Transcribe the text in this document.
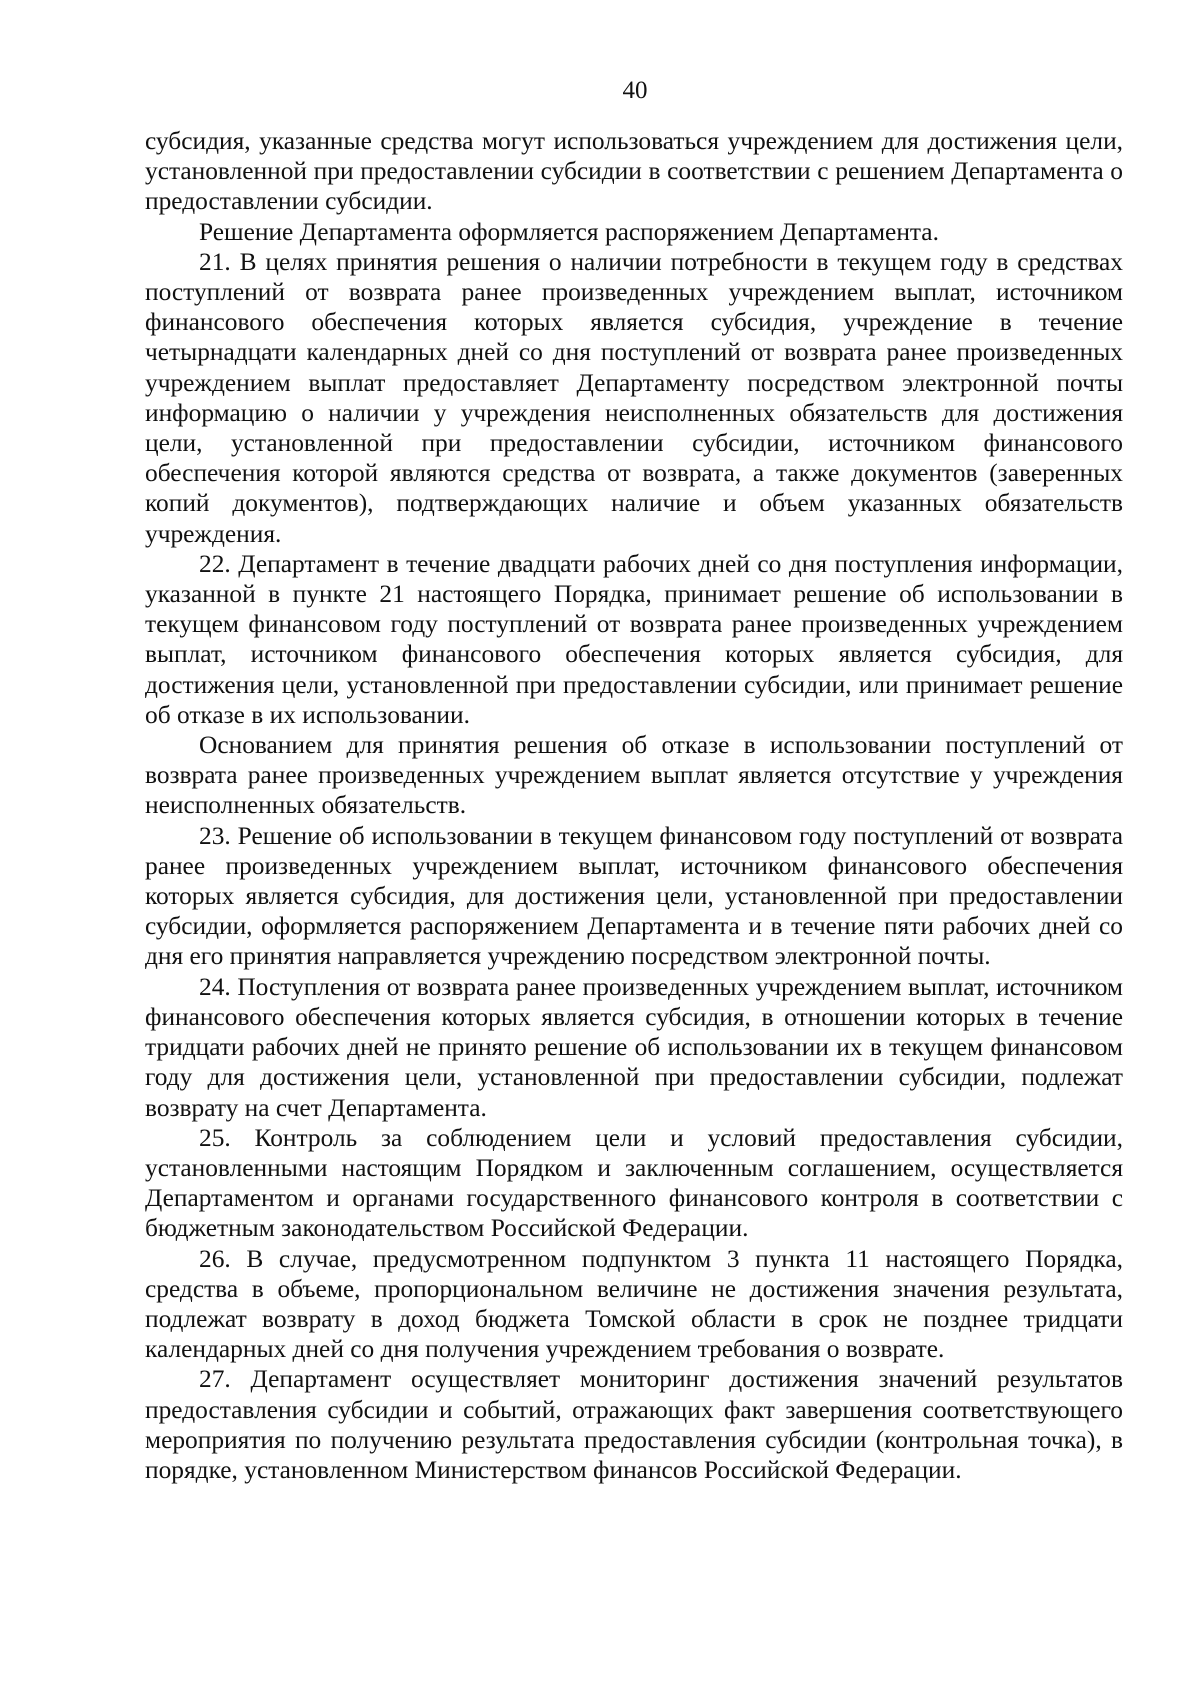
40

субсидия, указанные средства могут использоваться учреждением для достижения цели, установленной при предоставлении субсидии в соответствии с решением Департамента о предоставлении субсидии.

Решение Департамента оформляется распоряжением Департамента.

21. В целях принятия решения о наличии потребности в текущем году в средствах поступлений от возврата ранее произведенных учреждением выплат, источником финансового обеспечения которых является субсидия, учреждение в течение четырнадцати календарных дней со дня поступлений от возврата ранее произведенных учреждением выплат предоставляет Департаменту посредством электронной почты информацию о наличии у учреждения неисполненных обязательств для достижения цели, установленной при предоставлении субсидии, источником финансового обеспечения которой являются средства от возврата, а также документов (заверенных копий документов), подтверждающих наличие и объем указанных обязательств учреждения.

22. Департамент в течение двадцати рабочих дней со дня поступления информации, указанной в пункте 21 настоящего Порядка, принимает решение об использовании в текущем финансовом году поступлений от возврата ранее произведенных учреждением выплат, источником финансового обеспечения которых является субсидия, для достижения цели, установленной при предоставлении субсидии, или принимает решение об отказе в их использовании.

Основанием для принятия решения об отказе в использовании поступлений от возврата ранее произведенных учреждением выплат является отсутствие у учреждения неисполненных обязательств.

23. Решение об использовании в текущем финансовом году поступлений от возврата ранее произведенных учреждением выплат, источником финансового обеспечения которых является субсидия, для достижения цели, установленной при предоставлении субсидии, оформляется распоряжением Департамента и в течение пяти рабочих дней со дня его принятия направляется учреждению посредством электронной почты.

24. Поступления от возврата ранее произведенных учреждением выплат, источником финансового обеспечения которых является субсидия, в отношении которых в течение тридцати рабочих дней не принято решение об использовании их в текущем финансовом году для достижения цели, установленной при предоставлении субсидии, подлежат возврату на счет Департамента.

25. Контроль за соблюдением цели и условий предоставления субсидии, установленными настоящим Порядком и заключенным соглашением, осуществляется Департаментом и органами государственного финансового контроля в соответствии с бюджетным законодательством Российской Федерации.

26. В случае, предусмотренном подпунктом 3 пункта 11 настоящего Порядка, средства в объеме, пропорциональном величине не достижения значения результата, подлежат возврату в доход бюджета Томской области в срок не позднее тридцати календарных дней со дня получения учреждением требования о возврате.

27. Департамент осуществляет мониторинг достижения значений результатов предоставления субсидии и событий, отражающих факт завершения соответствующего мероприятия по получению результата предоставления субсидии (контрольная точка), в порядке, установленном Министерством финансов Российской Федерации.
